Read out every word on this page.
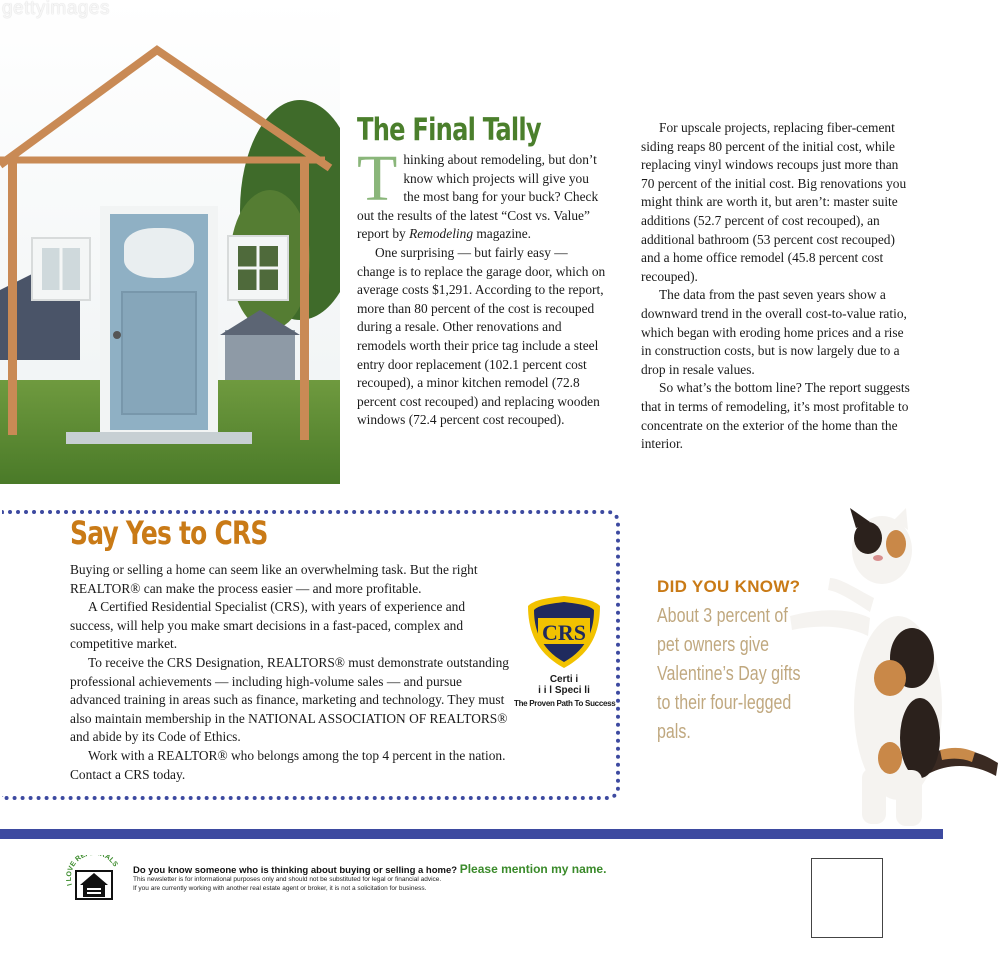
gettyimages
The Final Tally

Thinking about remodeling, but don’t know which projects will give you the most bang for your buck? Check out the results of the latest “Cost vs. Value” report by Remodeling magazine.

One surprising — but fairly easy — change is to replace the garage door, which on average costs $1,291. According to the report, more than 80 percent of the cost is recouped during a resale. Other renovations and remodels worth their price tag include a steel entry door replacement (102.1 percent cost recouped), a minor kitchen remodel (72.8 percent cost recouped) and replacing wooden windows (72.4 percent cost recouped).

For upscale projects, replacing fiber-cement siding reaps 80 percent of the initial cost, while replacing vinyl windows recoups just more than 70 percent of the initial cost. Big renovations you might think are worth it, but aren’t: master suite additions (52.7 percent of cost recouped), an additional bathroom (53 percent cost recouped) and a home office remodel (45.8 percent cost recouped).

The data from the past seven years show a downward trend in the overall cost-to-value ratio, which began with eroding home prices and a rise in construction costs, but is now largely due to a drop in resale values.

So what’s the bottom line? The report suggests that in terms of remodeling, it’s most profitable to concentrate on the exterior of the home than the interior.

Say Yes to CRS

Buying or selling a home can seem like an overwhelming task. But the right REALTOR® can make the process easier — and more profitable.

A Certified Residential Specialist (CRS), with years of experience and success, will help you make smart decisions in a fast-paced, complex and competitive market.

To receive the CRS Designation, REALTORS® must demonstrate outstanding professional achievements — including high-volume sales — and pursue advanced training in areas such as finance, marketing and technology. They must also maintain membership in the NATIONAL ASSOCIATION OF REALTORS® and abide by its Code of Ethics.

Work with a REALTOR® who belongs among the top 4 percent in the nation. Contact a CRS today.

CRS
Certi i
i i l Speci li
The Proven Path To Success
DID YOU KNOW?
About 3 percent of pet owners give Valentine’s Day gifts to their four-legged pals.
I LOVE RE ALS
Do you know someone who is thinking about buying or selling a home? Please mention my name.
This newsletter is for informational purposes only and should not be substituted for legal or financial advice.
If you are currently working with another real estate agent or broker, it is not a solicitation for business.
